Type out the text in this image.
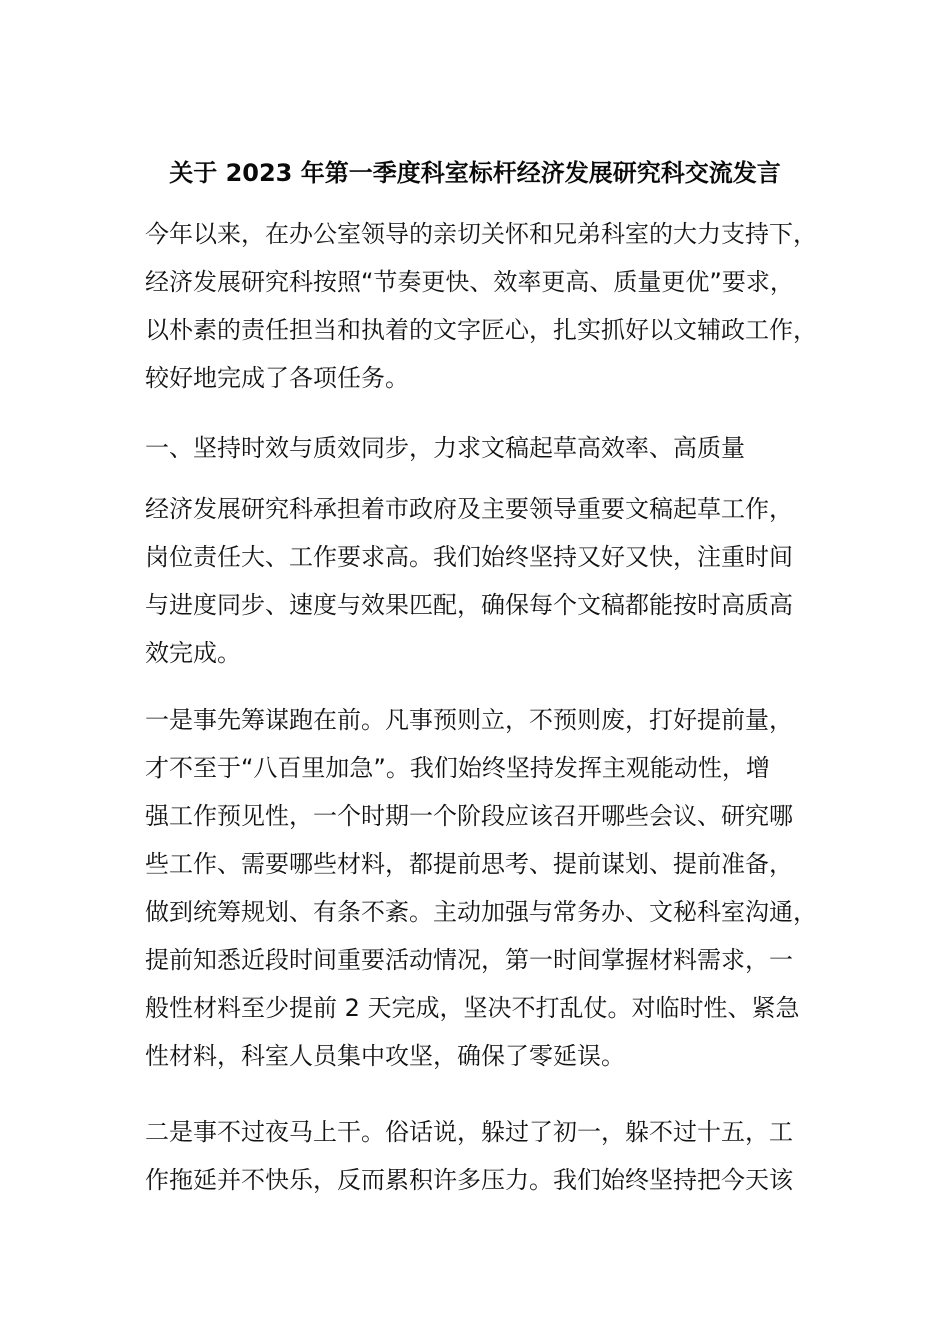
关于 2023 年第一季度科室标杆经济发展研究科交流发言

今年以来，在办公室领导的亲切关怀和兄弟科室的大力支持下，
经济发展研究科按照“节奏更快、效率更高、质量更优”要求，
以朴素的责任担当和执着的文字匠心，扎实抓好以文辅政工作，
较好地完成了各项任务。

一、坚持时效与质效同步，力求文稿起草高效率、高质量

经济发展研究科承担着市政府及主要领导重要文稿起草工作，
岗位责任大、工作要求高。我们始终坚持又好又快，注重时间
与进度同步、速度与效果匹配，确保每个文稿都能按时高质高
效完成。

一是事先筹谋跑在前。凡事预则立，不预则废，打好提前量，
才不至于“八百里加急”。我们始终坚持发挥主观能动性，增
强工作预见性，一个时期一个阶段应该召开哪些会议、研究哪
些工作、需要哪些材料，都提前思考、提前谋划、提前准备，
做到统筹规划、有条不紊。主动加强与常务办、文秘科室沟通，
提前知悉近段时间重要活动情况，第一时间掌握材料需求，一
般性材料至少提前 2 天完成，坚决不打乱仗。对临时性、紧急
性材料，科室人员集中攻坚，确保了零延误。

二是事不过夜马上干。俗话说，躲过了初一，躲不过十五，工
作拖延并不快乐，反而累积许多压力。我们始终坚持把今天该
